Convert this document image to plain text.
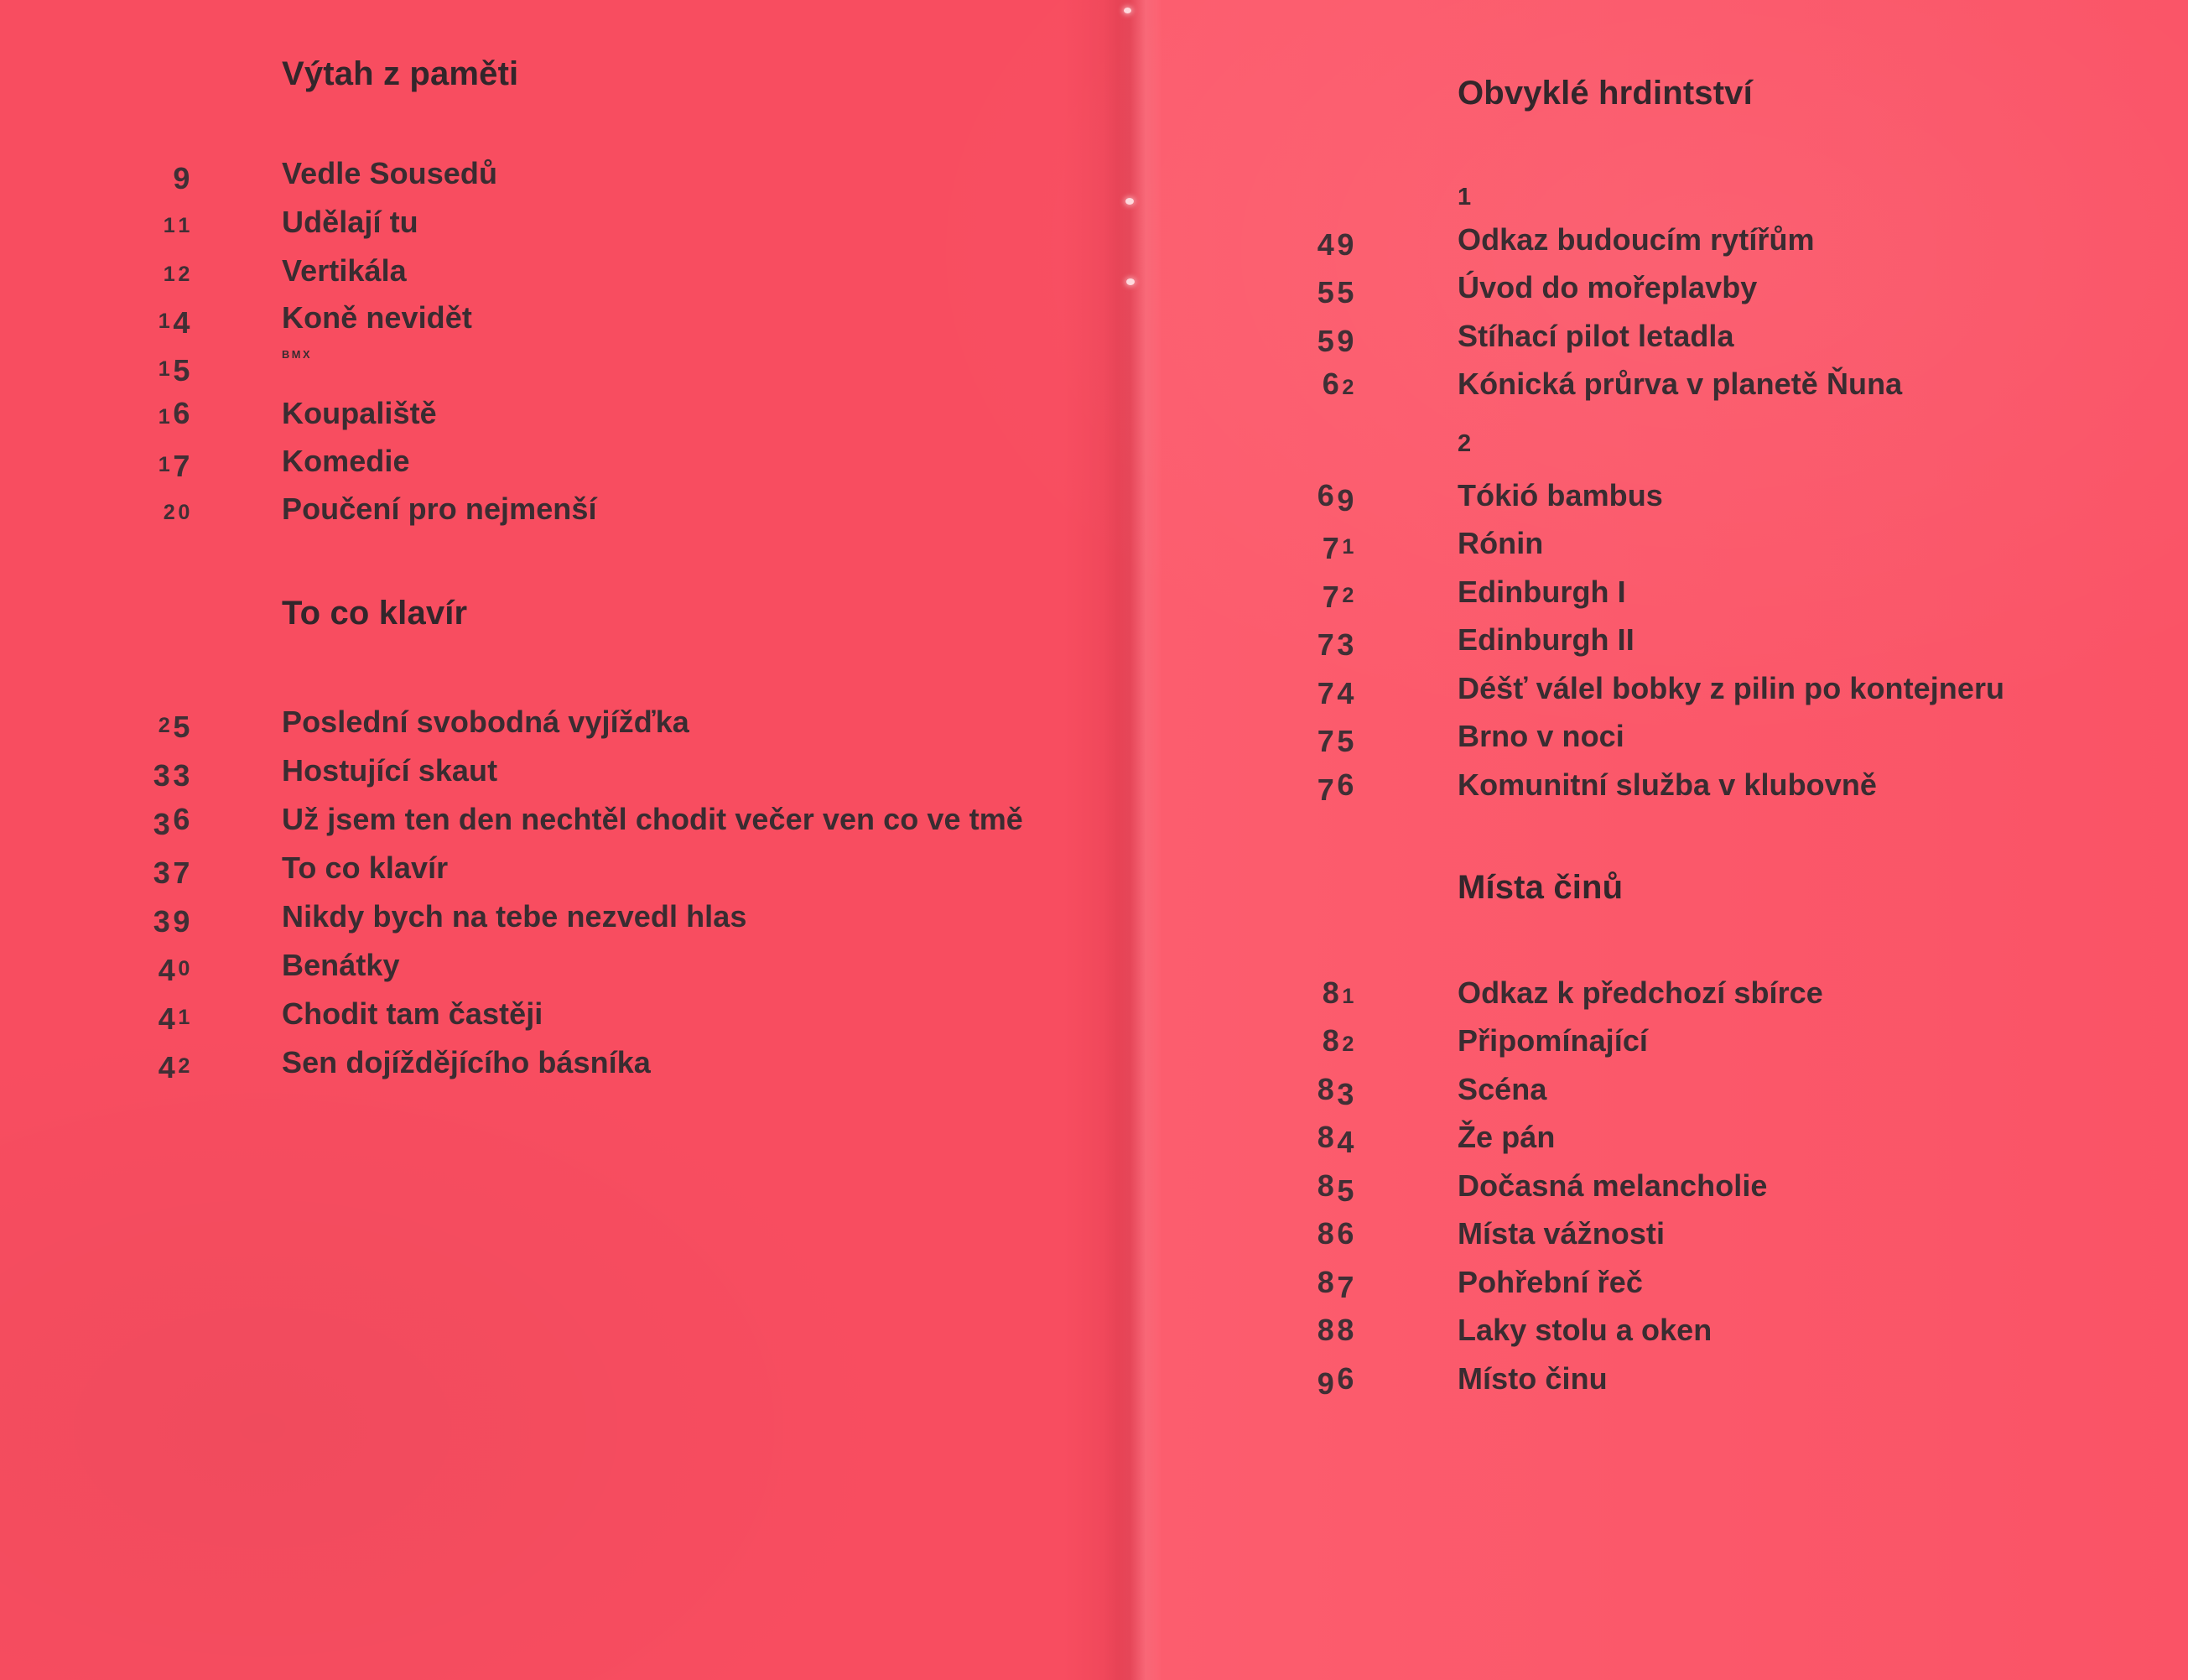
Výtah z paměti
9	Vedle Sousedů
11	Udělají tu
12	Vertikála
14	Koně nevidět
15	BMX
16	Koupaliště
17	Komedie
20	Poučení pro nejmenší
To co klavír
25	Poslední svobodná vyjížďka
33	Hostující skaut
36	Už jsem ten den nechtěl chodit večer ven co ve tmě
37	To co klavír
39	Nikdy bych na tebe nezvedl hlas
40	Benátky
41	Chodit tam častěji
42	Sen dojíždějícího básníka
Obvyklé hrdintství
1
49	Odkaz budoucím rytířům
55	Úvod do mořeplavby
59	Stíhací pilot letadla
62	Kónická průrva v planetě Ňuna
2
69	Tókió bambus
71	Rónin
72	Edinburgh I
73	Edinburgh II
74	Déšť válel bobky z pilin po kontejneru
75	Brno v noci
76	Komunitní služba v klubovně
Místa činů
81	Odkaz k předchozí sbírce
82	Připomínající
83	Scéna
84	Že pán
85	Dočasná melancholie
86	Místa vážnosti
87	Pohřební řeč
88	Laky stolu a oken
96	Místo činu
